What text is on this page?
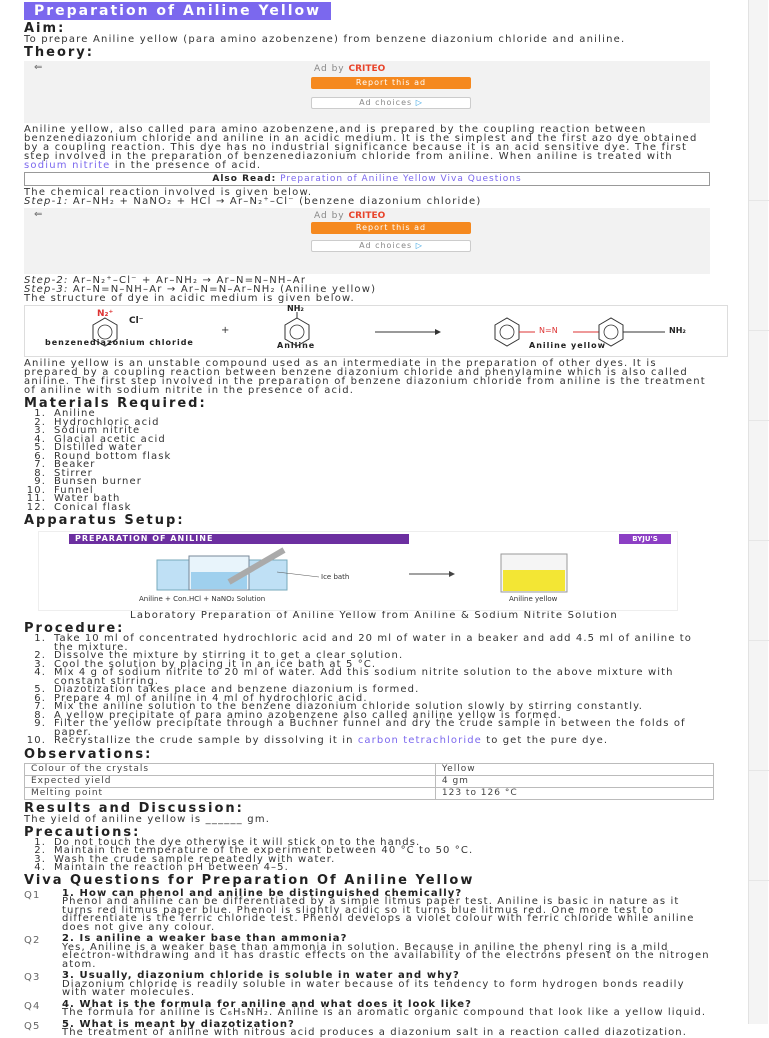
Preparation of Aniline Yellow
Aim:

To prepare Aniline yellow (para amino azobenzene) from benzene diazonium chloride and aniline.

Theory:
⇐	Ad by CRITEO
Report this ad
Ad choices ▷

Aniline yellow, also called para amino azobenzene,and is prepared by the coupling reaction between benzenediazonium chloride and aniline in an acidic medium. It is the simplest and the first azo dye obtained by a coupling reaction. This dye has no industrial significance because it is an acid sensitive dye. The first step involved in the preparation of benzenediazonium chloride from aniline. When aniline is treated with sodium nitrite in the presence of acid.

Also Read: Preparation of Aniline Yellow Viva Questions

The chemical reaction involved is given below.

Step-1: Ar–NH₂ + NaNO₂ + HCl → Ar–N₂⁺–Cl⁻ (benzene diazonium chloride)

⇐	Ad by CRITEO
Report this ad
Ad choices ▷

Step-2: Ar–N₂⁺–Cl⁻ + Ar–NH₂ → Ar–N=N–NH–Ar

Step-3: Ar–N=N–NH–Ar → Ar–N=N–Ar–NH₂ (Aniline yellow)

The structure of dye in acidic medium is given below.

N₂⁺
Cl⁻
+
NH₂
N=N	NH₂
benzenediazonium chloride	Aniline	Aniline yellow

Aniline yellow is an unstable compound used as an intermediate in the preparation of other dyes. It is prepared by a coupling reaction between benzene diazonium chloride and phenylamine which is also called aniline. The first step involved in the preparation of benzene diazonium chloride from aniline is the treatment of aniline with sodium nitrite in the presence of acid.

Materials Required:
1. Aniline
2. Hydrochloric acid
3. Sodium nitrite
4. Glacial acetic acid
5. Distilled water
6. Round bottom flask
7. Beaker
8. Stirrer
9. Bunsen burner
10. Funnel
11. Water bath
12. Conical flask
Apparatus Setup:
PREPARATION OF ANILINE	BYJU'S
Ice bath
Aniline + Con.HCl + NaNO₂ Solution	Aniline yellow

Laboratory Preparation of Aniline Yellow from Aniline & Sodium Nitrite Solution

Procedure:
1. Take 10 ml of concentrated hydrochloric acid and 20 ml of water in a beaker and add 4.5 ml of aniline to the mixture.
2. Dissolve the mixture by stirring it to get a clear solution.
3. Cool the solution by placing it in an ice bath at 5 °C.
4. Mix 4 g of sodium nitrite to 20 ml of water. Add this sodium nitrite solution to the above mixture with constant stirring.
5. Diazotization takes place and benzene diazonium is formed.
6. Prepare 4 ml of aniline in 4 ml of hydrochloric acid.
7. Mix the aniline solution to the benzene diazonium chloride solution slowly by stirring constantly.
8. A yellow precipitate of para amino azobenzene also called aniline yellow is formed.
9. Filter the yellow precipitate through a Buchner funnel and dry the crude sample in between the folds of paper.
10. Recrystallize the crude sample by dissolving it in carbon tetrachloride to get the pure dye.
Observations:
Colour of the crystals	Yellow
Expected yield	4 gm
Melting point	123 to 126 °C
Results and Discussion:

The yield of aniline yellow is ______ gm.

Precautions:
1. Do not touch the dye otherwise it will stick on to the hands.
2. Maintain the temperature of the experiment between 40 °C to 50 °C.
3. Wash the crude sample repeatedly with water.
4. Maintain the reaction pH between 4–5.
Viva Questions for Preparation Of Aniline Yellow
Q1	1. How can phenol and aniline be distinguished chemically?
Phenol and aniline can be differentiated by a simple litmus paper test. Aniline is basic in nature as it turns red litmus paper blue. Phenol is slightly acidic so it turns blue litmus red. One more test to differentiate is the ferric chloride test. Phenol develops a violet colour with ferric chloride while aniline does not give any colour.
Q2	2. Is aniline a weaker base than ammonia?
Yes, Aniline is a weaker base than ammonia in solution. Because in aniline the phenyl ring is a mild electron-withdrawing and it has drastic effects on the availability of the electrons present on the nitrogen atom.
Q3	3. Usually, diazonium chloride is soluble in water and why?
Diazonium chloride is readily soluble in water because of its tendency to form hydrogen bonds readily with water molecules.
Q4	4. What is the formula for aniline and what does it look like?
The formula for aniline is C₆H₅NH₂. Aniline is an aromatic organic compound that look like a yellow liquid.
Q5	5. What is meant by diazotization?
The treatment of aniline with nitrous acid produces a diazonium salt in a reaction called diazotization.
